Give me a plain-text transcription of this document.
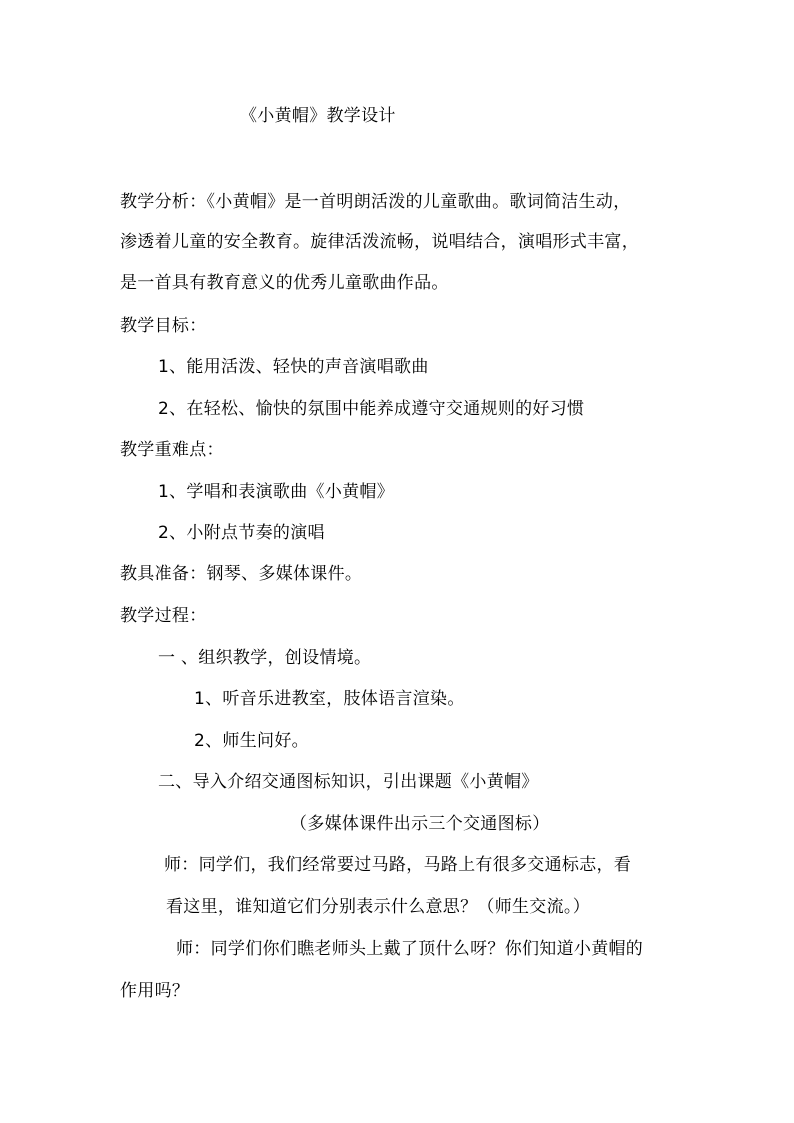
《小黄帽》教学设计
教学分析：《小黄帽》是一首明朗活泼的儿童歌曲。歌词简洁生动，
渗透着儿童的安全教育。旋律活泼流畅，说唱结合，演唱形式丰富，
是一首具有教育意义的优秀儿童歌曲作品。
教学目标：
1、能用活泼、轻快的声音演唱歌曲
2、在轻松、愉快的氛围中能养成遵守交通规则的好习惯
教学重难点：
1、学唱和表演歌曲《小黄帽》
2、小附点节奏的演唱
教具准备：钢琴、多媒体课件。
教学过程：
一 、组织教学，创设情境。
1、听音乐进教室，肢体语言渲染。
2、师生问好。
二、导入介绍交通图标知识，引出课题《小黄帽》
（多媒体课件出示三个交通图标）
师：同学们，我们经常要过马路，马路上有很多交通标志，看
看这里，谁知道它们分别表示什么意思？（师生交流。）
师：同学们你们瞧老师头上戴了顶什么呀？你们知道小黄帽的
作用吗？
